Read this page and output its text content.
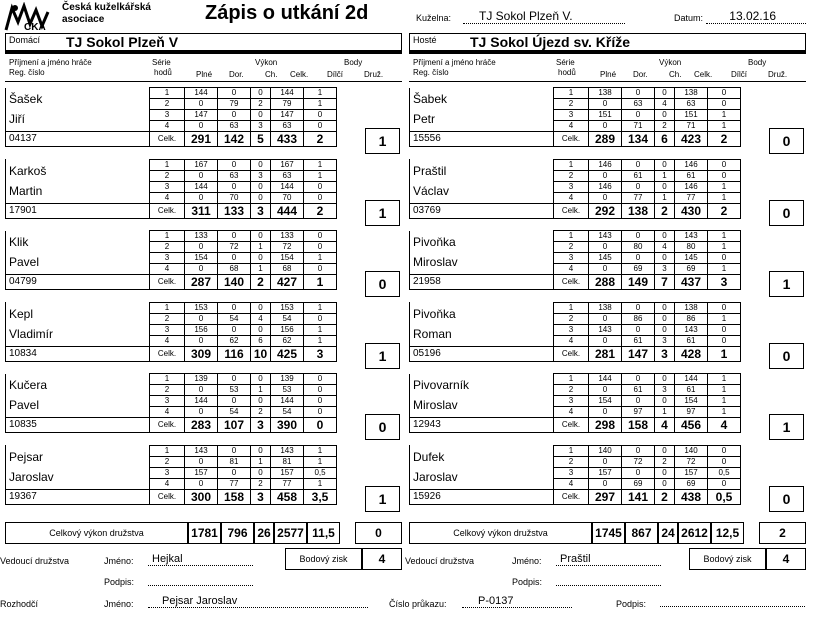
CKA
Česká kuželkářská
asociace	Zápis o utkání 2d	Kuželna:	TJ Sokol Plzeň V.	Datum:	13.02.16
Domácí TJ Sokol Plzeň V
Příjmení a jméno hráče
Reg. číslo
Série
hodů
Výkon
Plné Dor.	Ch. Celk.
Body
Dílčí	Druž.
Šašek
Jiří	1	144	0	0	144	1
	2	0	79	2	79	1
	3	147	0	0	147	0
	4	0	63	3	63	0
04137	Celk.	291	142	5	433	2	1
Karkoš
Martin	1	167	0	0	167	1
	2	0	63	3	63	1
	3	144	0	0	144	0
	4	0	70	0	70	0
17901	Celk.	311	133	3	444	2	1
Klik
Pavel	1	133	0	0	133	0
	2	0	72	1	72	0
	3	154	0	0	154	1
	4	0	68	1	68	0
04799	Celk.	287	140	2	427	1	0
Kepl
Vladimír	1	153	0	0	153	1
	2	0	54	4	54	0
	3	156	0	0	156	1
	4	0	62	6	62	1
10834	Celk.	309	116	10	425	3	1
Kučera
Pavel	1	139	0	0	139	0
	2	0	53	1	53	0
	3	144	0	0	144	0
	4	0	54	2	54	0
10835	Celk.	283	107	3	390	0	0
Pejsar
Jaroslav	1	143	0	0	143	1
	2	0	81	1	81	1
	3	157	0	0	157	0,5
	4	0	77	2	77	1
19367	Celk.	300	158	3	458	3,5	1
Celkový výkon družstva	1781 796 26 2577 11,5	0
Bodový zisk	4
Hosté TJ Sokol Újezd sv. Kříže
Příjmení a jméno hráče
Reg. číslo
Série
hodů
Výkon
Plné Dor.	Ch. Celk.
Body
Dílčí	Druž.
Šabek
Petr	1	138	0	0	138	0
	2	0	63	4	63	0
	3	151	0	0	151	1
	4	0	71	2	71	1
15556	Celk.	289	134	6	423	2	0
Praštil
Václav	1	146	0	0	146	0
	2	0	61	1	61	0
	3	146	0	0	146	1
	4	0	77	1	77	1
03769	Celk.	292	138	2	430	2	0
Pivoňka
Miroslav	1	143	0	0	143	1
	2	0	80	4	80	1
	3	145	0	0	145	0
	4	0	69	3	69	1
21958	Celk.	288	149	7	437	3	1
Pivoňka
Roman	1	138	0	0	138	0
	2	0	86	0	86	1
	3	143	0	0	143	0
	4	0	61	3	61	0
05196	Celk.	281	147	3	428	1	0
Pivovarník
Miroslav	1	144	0	0	144	1
	2	0	61	3	61	1
	3	154	0	0	154	1
	4	0	97	1	97	1
12943	Celk.	298	158	4	456	4	1
Dufek
Jaroslav	1	140	0	0	140	0
	2	0	72	2	72	0
	3	157	0	0	157	0,5
	4	0	69	0	69	0
15926	Celk.	297	141	2	438	0,5	0
Celkový výkon družstva	1745 867 24 2612 12,5	2
Bodový zisk	4
Vedoucí družstva	Jméno:	Hejkal
Podpis:
Vedoucí družstva	Jméno:	Praštil
Podpis:
Rozhodčí	Jméno:	Pejsar Jaroslav	Číslo průkazu:	P-0137	Podpis:
